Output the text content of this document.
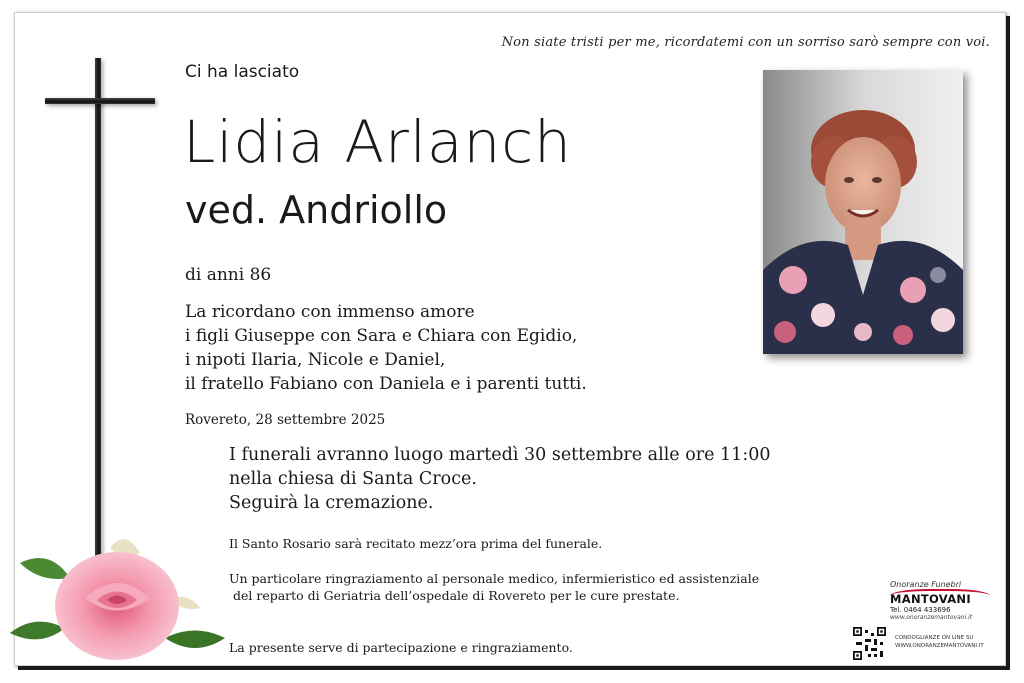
Non siate tristi per me, ricordatemi con un sorriso sarò sempre con voi.
Ci ha lasciato
Lidia Arlanch
ved. Andriollo
di anni 86
La ricordano con immenso amore
i figli Giuseppe con Sara e Chiara con Egidio,
i nipoti Ilaria, Nicole e Daniel,
il fratello Fabiano con Daniela e i parenti tutti.
Rovereto, 28 settembre 2025
I funerali avranno luogo martedì 30 settembre alle ore 11:00
nella chiesa di Santa Croce.
Seguirà la cremazione.
Il Santo Rosario sarà recitato mezz’ora prima del funerale.
Un particolare ringraziamento al personale medico, infermieristico ed assistenziale
del reparto di Geriatria dell’ospedale di Rovereto per le cure prestate.
La presente serve di partecipazione e ringraziamento.
Onoranze Funebri
MANTOVANI
Tel. 0464 433696
www.onoranzemantovani.it
CONDOGLIANZE ON LINE SU
WWW.ONORANZEMANTOVANI.IT
